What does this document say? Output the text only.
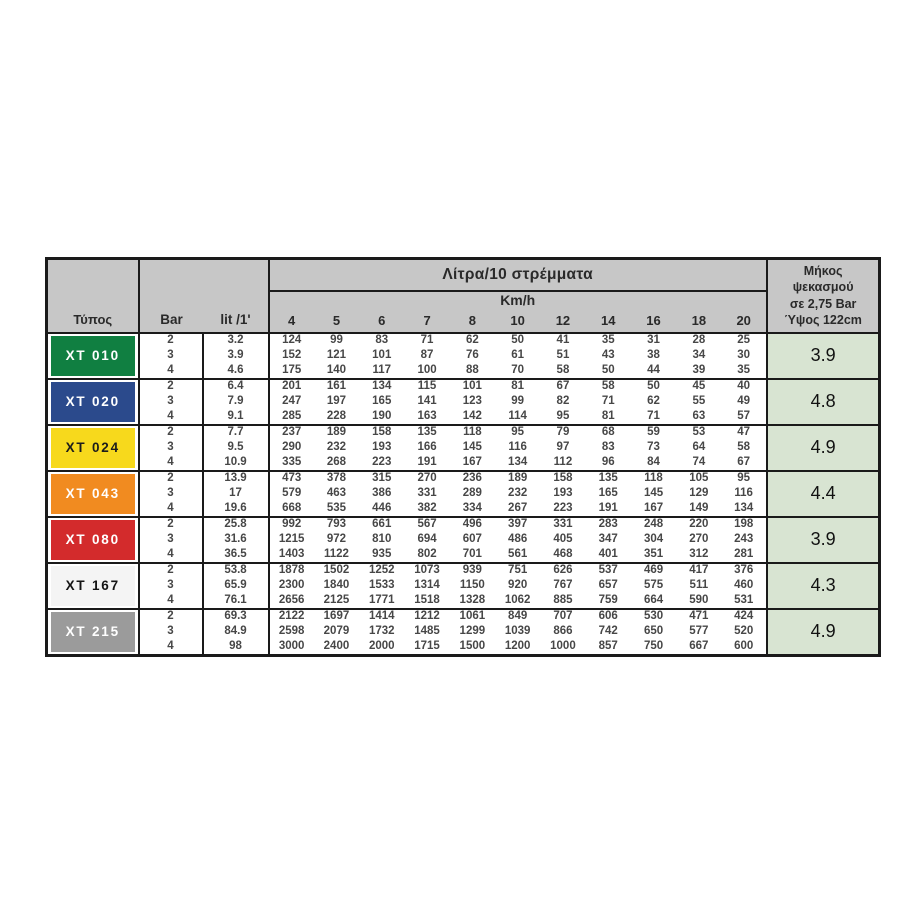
Τύπος	Bar	lit /1'
	Λίτρα/10 στρέμματα	Μήκος
ψεκασμού
σε 2,75 Bar
Ύψος 122cm

			Km/h											
			4	5	6	7	8	10	12	14	16	18	20	

XT 010	2	3.2	124	99	83	71	62	50	41	35	31	28	25	3.9
	3	3.9	152	121	101	87	76	61	51	43	38	34	30	
	4	4.6	175	140	117	100	88	70	58	50	44	39	35	

XT 020	2	6.4	201	161	134	115	101	81	67	58	50	45	40	4.8
	3	7.9	247	197	165	141	123	99	82	71	62	55	49	
	4	9.1	285	228	190	163	142	114	95	81	71	63	57	

XT 024	2	7.7	237	189	158	135	118	95	79	68	59	53	47	4.9
	3	9.5	290	232	193	166	145	116	97	83	73	64	58	
	4	10.9	335	268	223	191	167	134	112	96	84	74	67	

XT 043	2	13.9	473	378	315	270	236	189	158	135	118	105	95	4.4
	3	17	579	463	386	331	289	232	193	165	145	129	116	
	4	19.6	668	535	446	382	334	267	223	191	167	149	134	

XT 080	2	25.8	992	793	661	567	496	397	331	283	248	220	198	3.9
	3	31.6	1215	972	810	694	607	486	405	347	304	270	243	
	4	36.5	1403	1122	935	802	701	561	468	401	351	312	281	

XT 167	2	53.8	1878	1502	1252	1073	939	751	626	537	469	417	376	4.3
	3	65.9	2300	1840	1533	1314	1150	920	767	657	575	511	460	
	4	76.1	2656	2125	1771	1518	1328	1062	885	759	664	590	531	

XT 215	2	69.3	2122	1697	1414	1212	1061	849	707	606	530	471	424	4.9
	3	84.9	2598	2079	1732	1485	1299	1039	866	742	650	577	520	
	4	98	3000	2400	2000	1715	1500	1200	1000	857	750	667	600	
